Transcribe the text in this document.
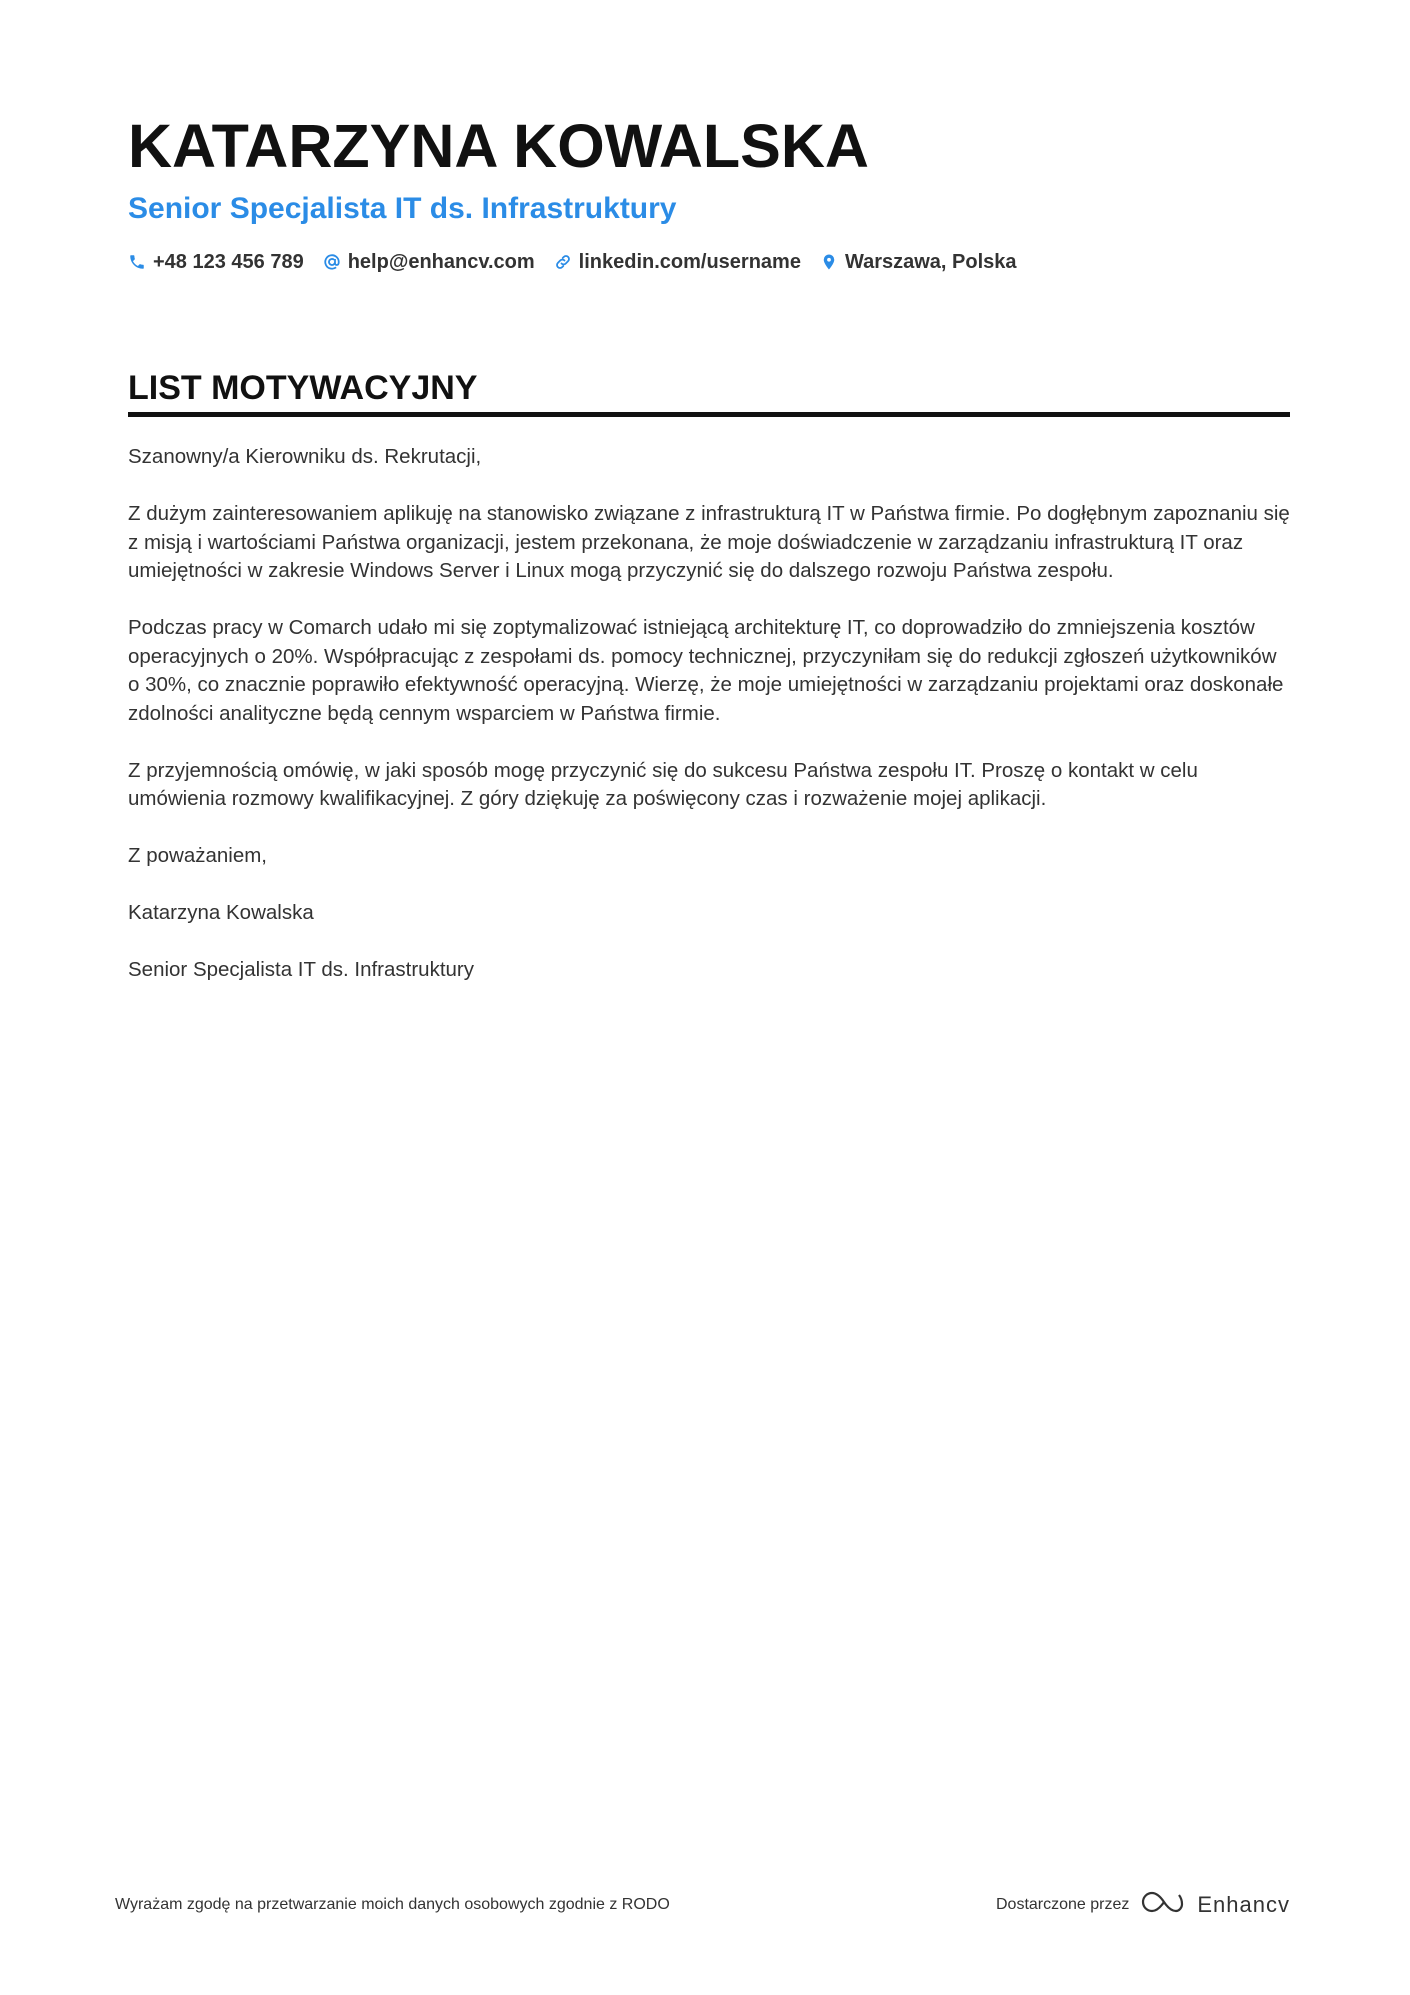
KATARZYNA KOWALSKA
Senior Specjalista IT ds. Infrastruktury
+48 123 456 789 help@enhancv.com linkedin.com/username Warszawa, Polska
LIST MOTYWACYJNY

Szanowny/a Kierowniku ds. Rekrutacji,

Z dużym zainteresowaniem aplikuję na stanowisko związane z infrastrukturą IT w Państwa firmie. Po dogłębnym zapoznaniu się z misją i wartościami Państwa organizacji, jestem przekonana, że moje doświadczenie w zarządzaniu infrastrukturą IT oraz umiejętności w zakresie Windows Server i Linux mogą przyczynić się do dalszego rozwoju Państwa zespołu.

Podczas pracy w Comarch udało mi się zoptymalizować istniejącą architekturę IT, co doprowadziło do zmniejszenia kosztów operacyjnych o 20%. Współpracując z zespołami ds. pomocy technicznej, przyczyniłam się do redukcji zgłoszeń użytkowników o 30%, co znacznie poprawiło efektywność operacyjną. Wierzę, że moje umiejętności w zarządzaniu projektami oraz doskonałe zdolności analityczne będą cennym wsparciem w Państwa firmie.

Z przyjemnością omówię, w jaki sposób mogę przyczynić się do sukcesu Państwa zespołu IT. Proszę o kontakt w celu umówienia rozmowy kwalifikacyjnej. Z góry dziękuję za poświęcony czas i rozważenie mojej aplikacji.

Z poważaniem,

Katarzyna Kowalska

Senior Specjalista IT ds. Infrastruktury

Wyrażam zgodę na przetwarzanie moich danych osobowych zgodnie z RODO	Dostarczone przez	Enhancv
